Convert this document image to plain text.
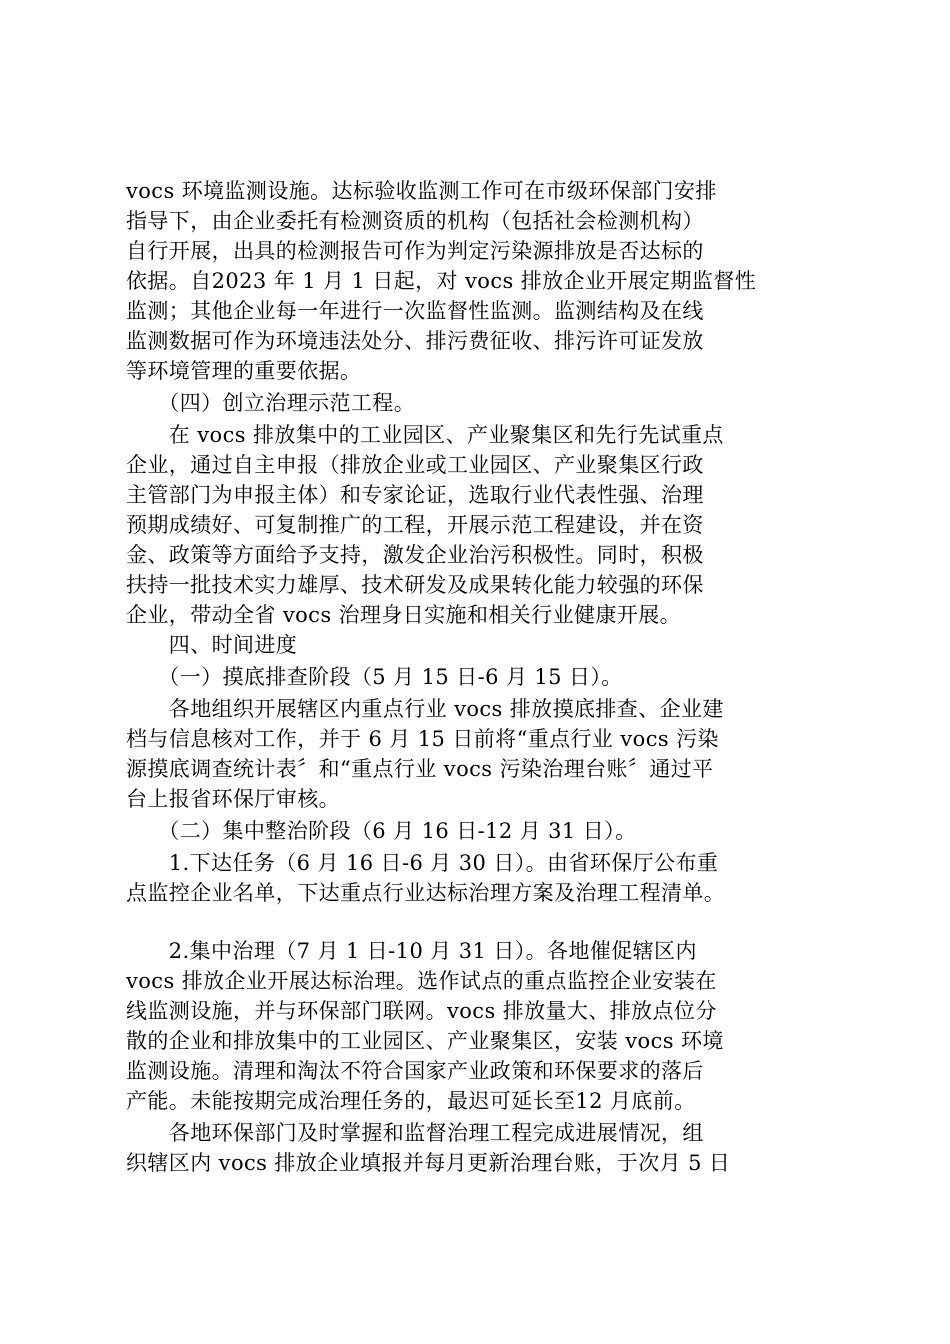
vocs 环境监测设施。达标验收监测工作可在市级环保部门安排
指导下，由企业委托有检测资质的机构（包括社会检测机构）
自行开展，出具的检测报告可作为判定污染源排放是否达标的
依据。自2023 年 1 月 1 日起，对 vocs 排放企业开展定期监督性
监测；其他企业每一年进行一次监督性监测。监测结构及在线
监测数据可作为环境违法处分、排污费征收、排污许可证发放
等环境管理的重要依据。
　　（四）创立治理示范工程。
　　在 vocs 排放集中的工业园区、产业聚集区和先行先试重点
企业，通过自主申报（排放企业或工业园区、产业聚集区行政
主管部门为申报主体）和专家论证，选取行业代表性强、治理
预期成绩好、可复制推广的工程，开展示范工程建设，并在资
金、政策等方面给予支持，激发企业治污积极性。同时，积极
扶持一批技术实力雄厚、技术研发及成果转化能力较强的环保
企业，带动全省 vocs 治理身日实施和相关行业健康开展。
　　四、时间进度
　　（一）摸底排查阶段（5 月 15 日-6 月 15 日）。
　　各地组织开展辖区内重点行业 vocs 排放摸底排查、企业建
档与信息核对工作，并于 6 月 15 日前将“重点行业 vocs 污染
源摸底调查统计表〞和“重点行业 vocs 污染治理台账〞通过平
台上报省环保厅审核。
　　（二）集中整治阶段（6 月 16 日-12 月 31 日）。
　　1.下达任务（6 月 16 日-6 月 30 日）。由省环保厅公布重
点监控企业名单，下达重点行业达标治理方案及治理工程清单。
　　2.集中治理（7 月 1 日-10 月 31 日）。各地催促辖区内
vocs 排放企业开展达标治理。选作试点的重点监控企业安装在
线监测设施，并与环保部门联网。vocs 排放量大、排放点位分
散的企业和排放集中的工业园区、产业聚集区，安装 vocs 环境
监测设施。清理和淘汰不符合国家产业政策和环保要求的落后
产能。未能按期完成治理任务的，最迟可延长至12 月底前。
　　各地环保部门及时掌握和监督治理工程完成进展情况，组
织辖区内 vocs 排放企业填报并每月更新治理台账，于次月 5 日
